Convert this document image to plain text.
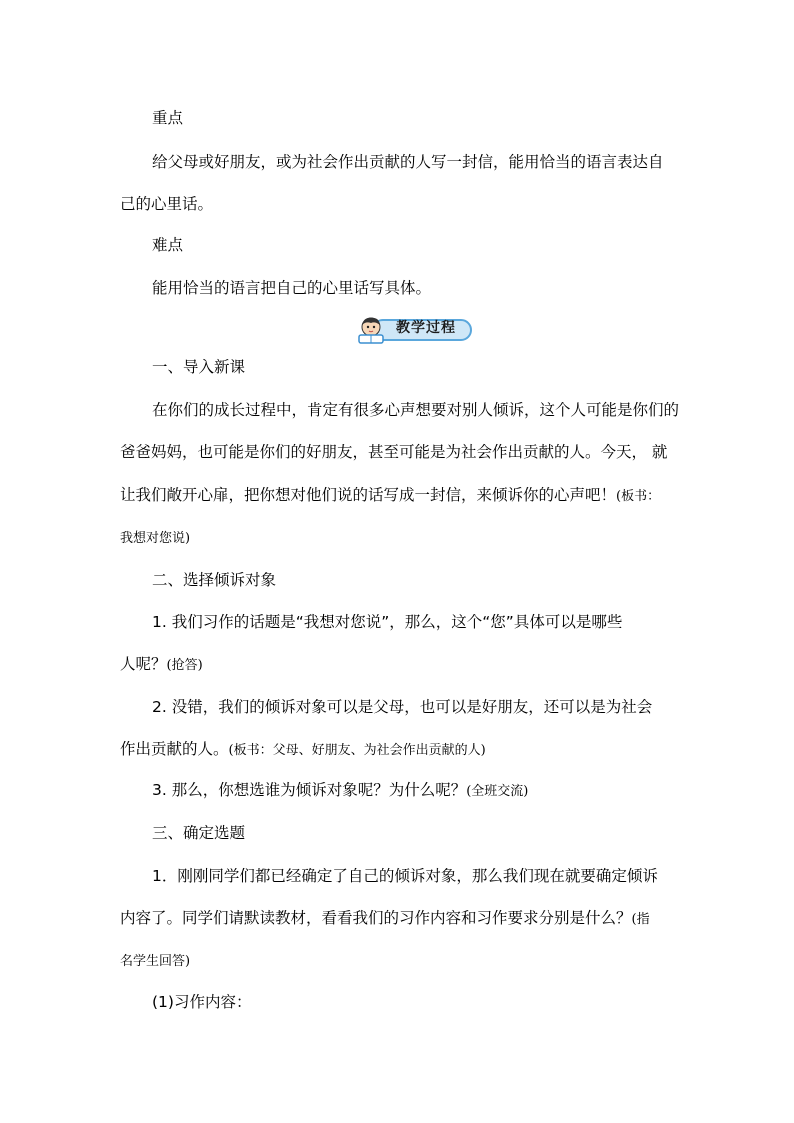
重点
给父母或好朋友，或为社会作出贡献的人写一封信，能用恰当的语言表达自
己的心里话。
难点
能用恰当的语言把自己的心里话写具体。
教学过程
一、导入新课
在你们的成长过程中，肯定有很多心声想要对别人倾诉，这个人可能是你们的
爸爸妈妈，也可能是你们的好朋友，甚至可能是为社会作出贡献的人。今天， 就
让我们敞开心扉，把你想对他们说的话写成一封信，来倾诉你的心声吧！(板书：
我想对您说)
二、选择倾诉对象
1. 我们习作的话题是“我想对您说”，那么，这个“您”具体可以是哪些
人呢？(抢答)
2. 没错，我们的倾诉对象可以是父母，也可以是好朋友，还可以是为社会
作出贡献的人。(板书：父母、好朋友、为社会作出贡献的人)
3. 那么，你想选谁为倾诉对象呢？为什么呢？(全班交流)
三、确定选题
1．刚刚同学们都已经确定了自己的倾诉对象，那么我们现在就要确定倾诉
内容了。同学们请默读教材，看看我们的习作内容和习作要求分别是什么？(指
名学生回答)
(1)习作内容：
